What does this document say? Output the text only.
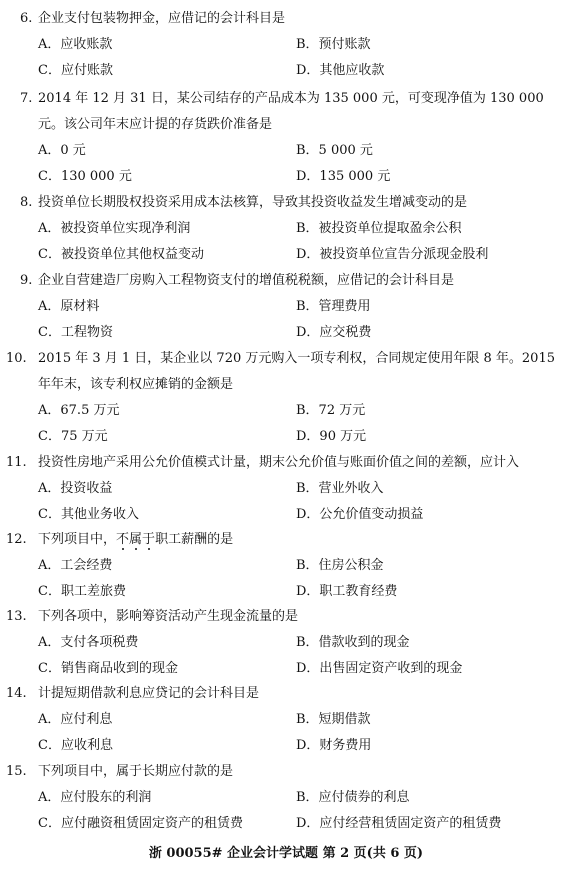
6. 企业支付包装物押金，应借记的会计科目是
A．应收账款	B．预付账款
C．应付账款	D．其他应收款
7. 2014 年 12 月 31 日，某公司结存的产品成本为 135 000 元，可变现净值为 130 000 元。该公司年末应计提的存货跌价准备是
A．0 元	B．5 000 元
C．130 000 元	D．135 000 元
8. 投资单位长期股权投资采用成本法核算，导致其投资收益发生增减变动的是
A．被投资单位实现净利润	B．被投资单位提取盈余公积
C．被投资单位其他权益变动	D．被投资单位宣告分派现金股利
9. 企业自营建造厂房购入工程物资支付的增值税税额，应借记的会计科目是
A．原材料	B．管理费用
C．工程物资	D．应交税费
10. 2015 年 3 月 1 日，某企业以 720 万元购入一项专利权，合同规定使用年限 8 年。2015 年年末，该专利权应摊销的金额是
A．67.5 万元	B．72 万元
C．75 万元	D．90 万元
11. 投资性房地产采用公允价值模式计量，期末公允价值与账面价值之间的差额，应计入
A．投资收益	B．营业外收入
C．其他业务收入	D．公允价值变动损益
12. 下列项目中，不属于职工薪酬的是
A．工会经费	B．住房公积金
C．职工差旅费	D．职工教育经费
13. 下列各项中，影响筹资活动产生现金流量的是
A．支付各项税费	B．借款收到的现金
C．销售商品收到的现金	D．出售固定资产收到的现金
14. 计提短期借款利息应贷记的会计科目是
A．应付利息	B．短期借款
C．应收利息	D．财务费用
15. 下列项目中，属于长期应付款的是
A．应付股东的利润	B．应付债券的利息
C．应付融资租赁固定资产的租赁费	D．应付经营租赁固定资产的租赁费
浙 00055# 企业会计学试题 第 2 页(共 6 页)
